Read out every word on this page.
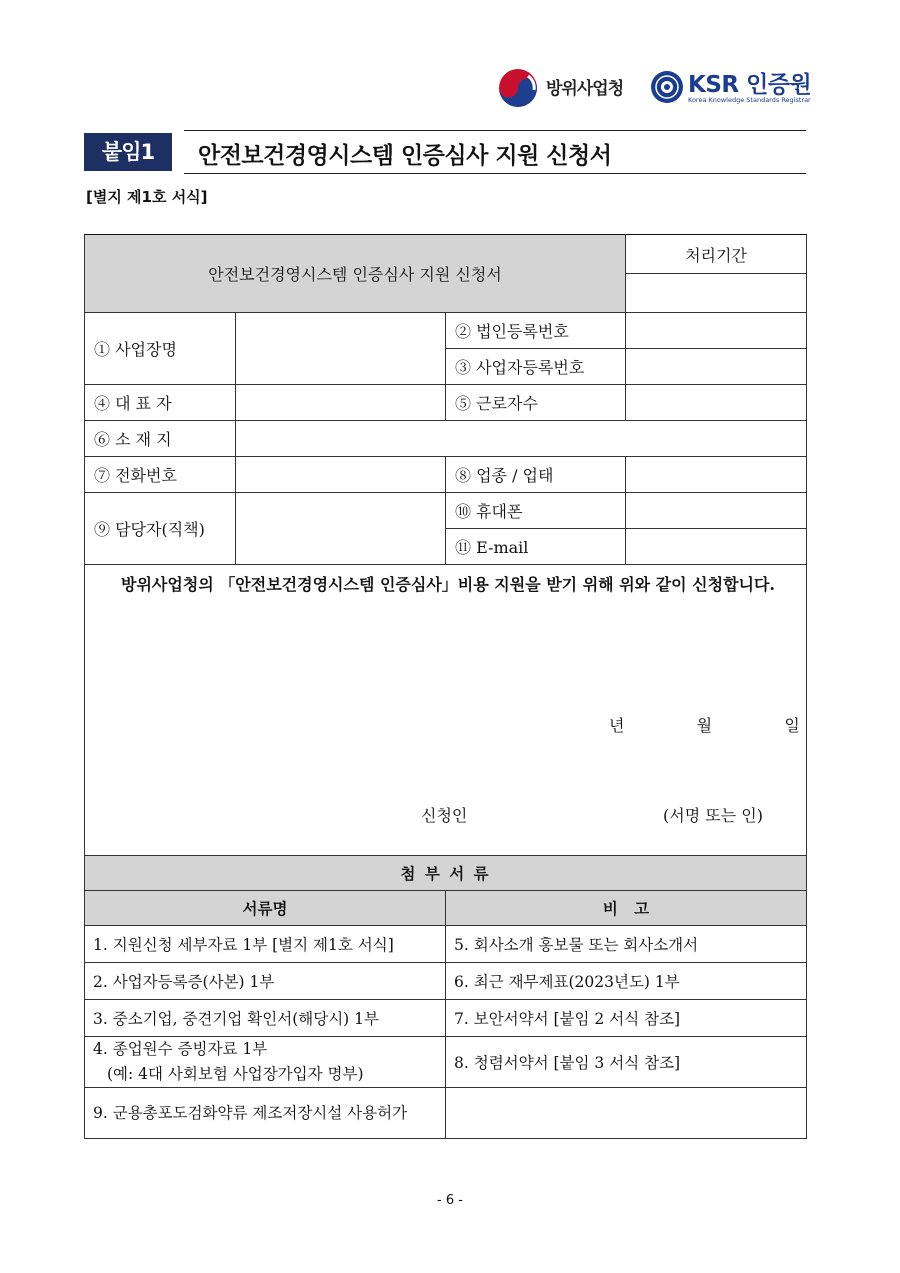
방위사업청	KSR 인증원
Korea Knowledge Standards Registrar
붙임1	안전보건경영시스템 인증심사 지원 신청서
[별지 제1호 서식]
안전보건경영시스템 인증심사 지원 신청서			처리기간

① 사업장명		② 법인등록번호	
		③ 사업자등록번호	
④ 대 표 자		⑤ 근로자수	
⑥ 소 재 지			
⑦ 전화번호		⑧ 업종 / 업태	
⑨ 담당자(직책)		⑩ 휴대폰	
		⑪ E-mail	

방위사업청의 「안전보건경영시스템 인증심사」비용 지원을 받기 위해 위와 같이 신청합니다.
년 월 일
신청인 (서명 또는 인)			
첨 부 서 류	
서류명	비   고
1. 지원신청 세부자료 1부 [별지 제1호 서식]	5. 회사소개 홍보물 또는 회사소개서
2. 사업자등록증(사본) 1부	6. 최근 재무제표(2023년도) 1부
3. 중소기업, 중견기업 확인서(해당시) 1부	7. 보안서약서 [붙임 2 서식 참조]

4. 종업원수 증빙자료 1부
(예: 4대 사회보험 사업장가입자 명부)	8. 청렴서약서 [붙임 3 서식 참조]
9. 군용총포도검화약류 제조저장시설 사용허가	
- 6 -
